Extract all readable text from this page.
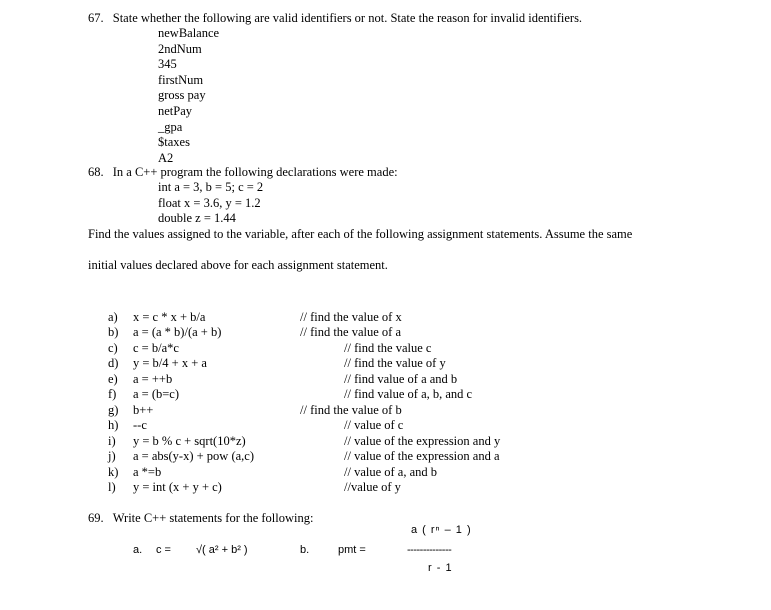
67. State whether the following are valid identifiers or not. State the reason for invalid identifiers.
newBalance
2ndNum
345
firstNum
gross pay
netPay
_gpa
$taxes
A2
68. In a C++ program the following declarations were made:
int a = 3, b = 5; c = 2
float x = 3.6, y = 1.2
double z = 1.44
Find the values assigned to the variable, after each of the following assignment statements. Assume the same
initial values declared above for each assignment statement.
a) x = c * x + b/a	// find the value of x
b) a = (a * b)/(a + b)	// find the value of a
c) c = b/a*c	// find the value c
d) y = b/4 + x + a	// find the value of y
e) a = ++b	// find value of a and b
f) a = (b=c)	// find value of a, b, and c
g) b++	// find the value of b
h) --c	// value of c
i) y = b % c + sqrt(10*z)	// value of the expression and y
j) a = abs(y-x) + pow (a,c)	// value of the expression and a
k) a *=b	// value of a, and b
l) y = int (x + y + c)	//value of y
69. Write C++ statements for the following:
a. c = √( a² + b² )	b.	pmt =
a ( rⁿ – 1 )
--------------
r - 1
